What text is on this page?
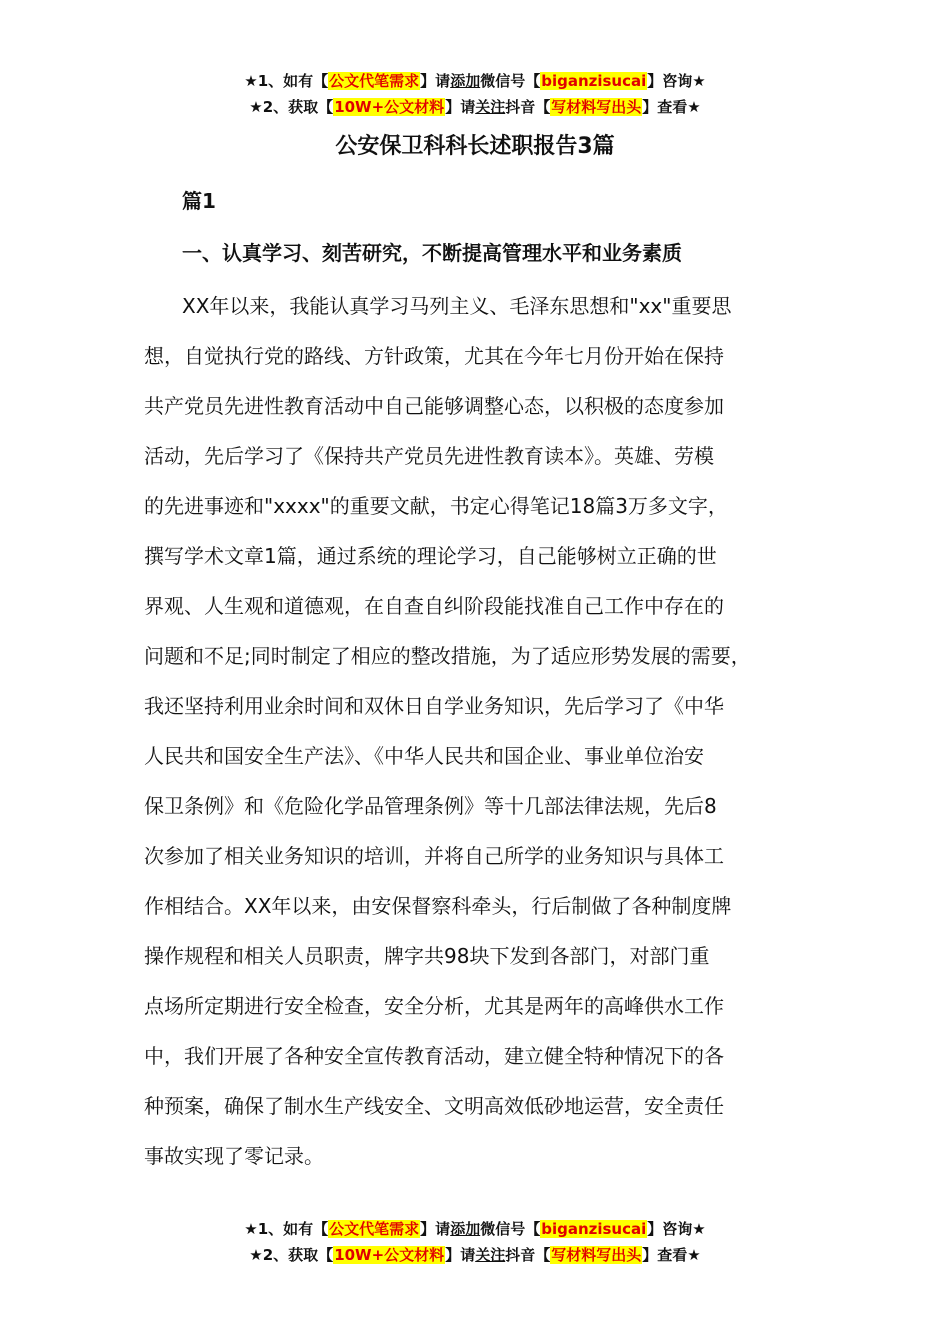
★1、如有【公文代笔需求】请添加微信号【biganzisucai】咨询★
★2、获取【10W+公文材料】请关注抖音【写材料写出头】查看★
公安保卫科科长述职报告3篇
篇1
一、认真学习、刻苦研究，不断提高管理水平和业务素质
XX年以来，我能认真学习马列主义、毛泽东思想和"xx"重要思
想，自觉执行党的路线、方针政策，尤其在今年七月份开始在保持
共产党员先进性教育活动中自己能够调整心态，以积极的态度参加
活动，先后学习了《保持共产党员先进性教育读本》。英雄、劳模
的先进事迹和"xxxx"的重要文献，书定心得笔记18篇3万多文字，
撰写学术文章1篇，通过系统的理论学习，自己能够树立正确的世
界观、人生观和道德观，在自查自纠阶段能找准自己工作中存在的
问题和不足;同时制定了相应的整改措施，为了适应形势发展的需要，
我还坚持利用业余时间和双休日自学业务知识，先后学习了《中华
人民共和国安全生产法》、《中华人民共和国企业、事业单位治安
保卫条例》和《危险化学品管理条例》等十几部法律法规，先后8
次参加了相关业务知识的培训，并将自己所学的业务知识与具体工
作相结合。XX年以来，由安保督察科牵头，行后制做了各种制度牌
操作规程和相关人员职责，牌字共98块下发到各部门，对部门重
点场所定期进行安全检查，安全分析，尤其是两年的高峰供水工作
中，我们开展了各种安全宣传教育活动，建立健全特种情况下的各
种预案，确保了制水生产线安全、文明高效低砂地运营，安全责任
事故实现了零记录。
★1、如有【公文代笔需求】请添加微信号【biganzisucai】咨询★
★2、获取【10W+公文材料】请关注抖音【写材料写出头】查看★
